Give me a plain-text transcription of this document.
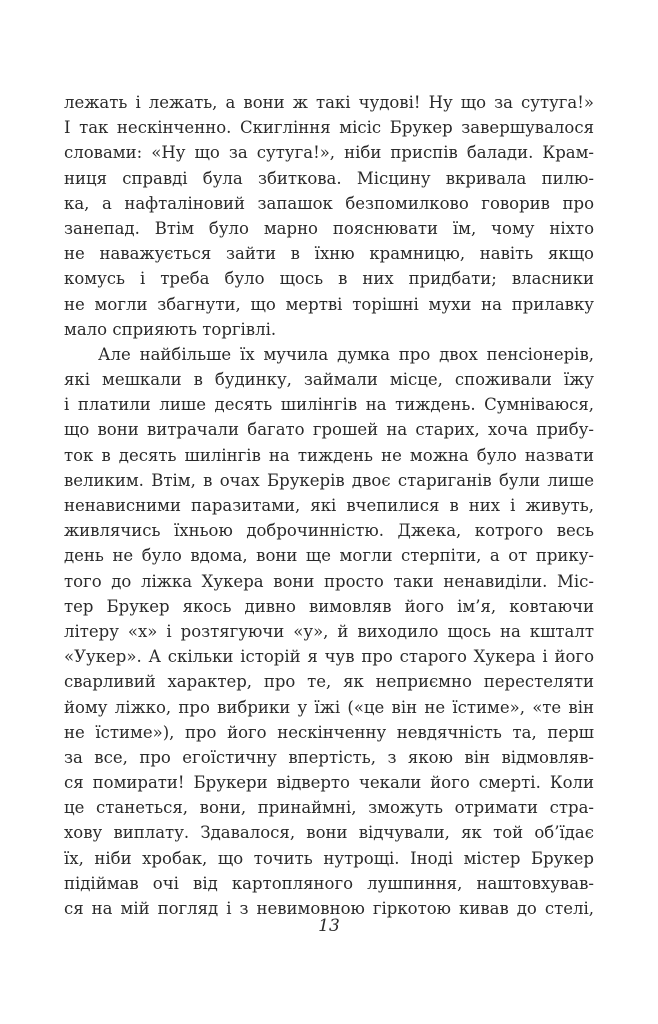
лежать і лежать, а вони ж такі чудові! Ну що за сутуга!»
І так нескінченно. Скиглiння місіс Брукер завершувалося
словами: «Ну що за сутуга!», ніби приспів балади. Крам-
ниця справді була збиткова. Місцину вкривала пилю-
ка, а нафталіновий запашок безпомилково говорив про
занепад. Втім було марно пояснювати їм, чому ніхто
не наважується зайти в їхню крамницю, навіть якщо
комусь і треба було щось в них придбати; власники
не могли збагнути, що мертві торішні мухи на прилавку
мало сприяють торгівлі.
Але найбільше їх мучила думка про двох пенсіонерів,
які мешкали в будинку, займали місце, споживали їжу
і платили лише десять шилінгів на тиждень. Сумніваюся,
що вони витрачали багато грошей на старих, хоча прибу-
ток в десять шилінгів на тиждень не можна було назвати
великим. Втім, в очах Брукерів двоє стариганів були лише
ненависними паразитами, які вчепилися в них і живуть,
живлячись їхньою доброчинністю. Джека, котрого весь
день не було вдома, вони ще могли стерпіти, а от прику-
того до ліжка Хукера вони просто таки ненавиділи. Міс-
тер Брукер якось дивно вимовляв його ім’я, ковтаючи
літеру «х» і розтягуючи «у», й виходило щось на кшталт
«Уукер». А скільки історій я чув про старого Хукера і його
сварливий характер, про те, як неприємно перестеляти
йому ліжко, про вибрики у їжі («це він не їстиме», «те він
не їстиме»), про його нескінченну невдячність та, перш
за все, про егоїстичну впертість, з якою він відмовляв-
ся помирати! Брукери відверто чекали його смерті. Коли
це станеться, вони, принаймні, зможуть отримати стра-
хову виплату. Здавалося, вони відчували, як той об’їдає
їх, ніби хробак, що точить нутрощі. Іноді містер Брукер
підіймав очі від картопляного лушпиння, наштовхував-
ся на мій погляд і з невимовною гіркотою кивав до стелі,
13
